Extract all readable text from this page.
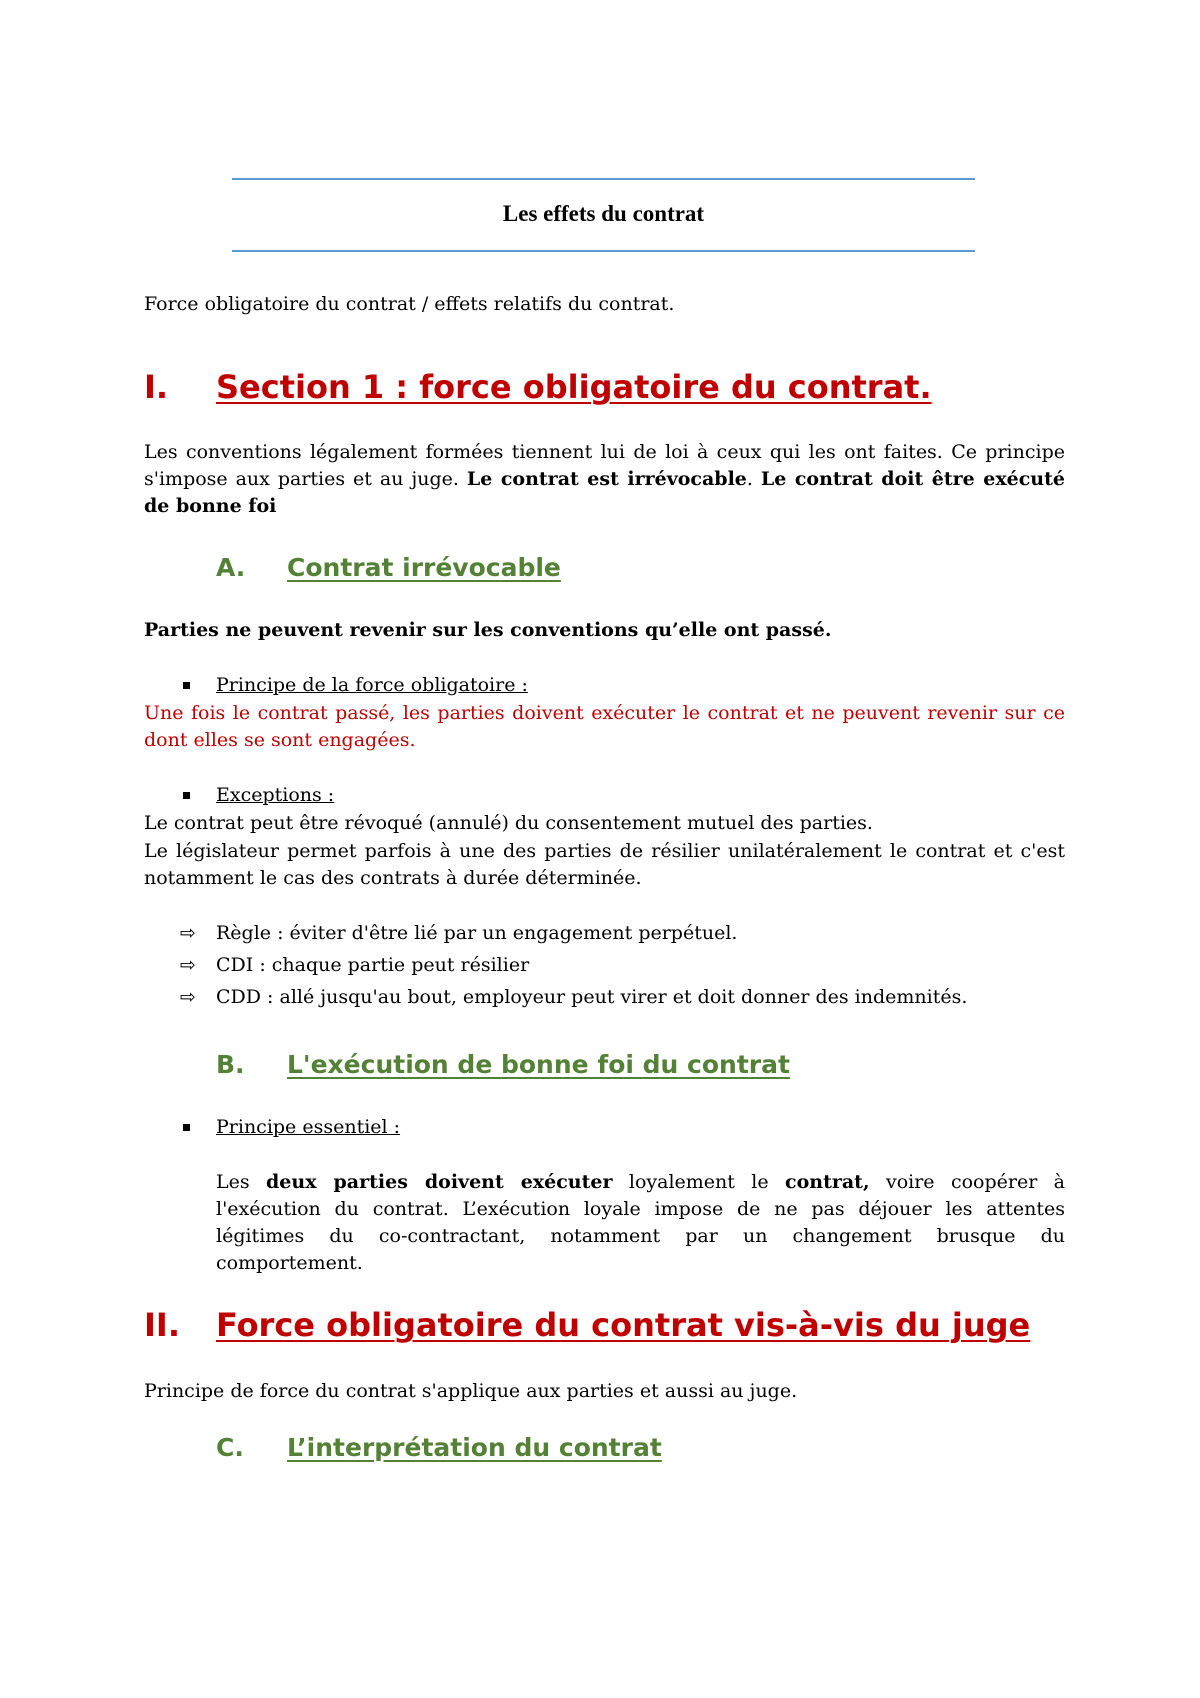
Les effets du contrat
Force obligatoire du contrat / effets relatifs du contrat.
I. Section 1 : force obligatoire du contrat.
Les conventions légalement formées tiennent lui de loi à ceux qui les ont faites. Ce principe s'impose aux parties et au juge. Le contrat est irrévocable. Le contrat doit être exécuté de bonne foi
A. Contrat irrévocable
Parties ne peuvent revenir sur les conventions qu’elle ont passé.
Principe de la force obligatoire :
Une fois le contrat passé, les parties doivent exécuter le contrat et ne peuvent revenir sur ce dont elles se sont engagées.
Exceptions :
Le contrat peut être révoqué (annulé) du consentement mutuel des parties.
Le législateur permet parfois à une des parties de résilier unilatéralement le contrat et c'est notamment le cas des contrats à durée déterminée.
⇨ Règle : éviter d'être lié par un engagement perpétuel.
⇨ CDI : chaque partie peut résilier
⇨ CDD : allé jusqu'au bout, employeur peut virer et doit donner des indemnités.
B. L'exécution de bonne foi du contrat
Principe essentiel :
Les deux parties doivent exécuter loyalement le contrat, voire coopérer à l'exécution du contrat. L’exécution loyale impose de ne pas déjouer les attentes légitimes du co-contractant, notamment par un changement brusque du comportement.
II. Force obligatoire du contrat vis-à-vis du juge
Principe de force du contrat s'applique aux parties et aussi au juge.
C. L’interprétation du contrat
